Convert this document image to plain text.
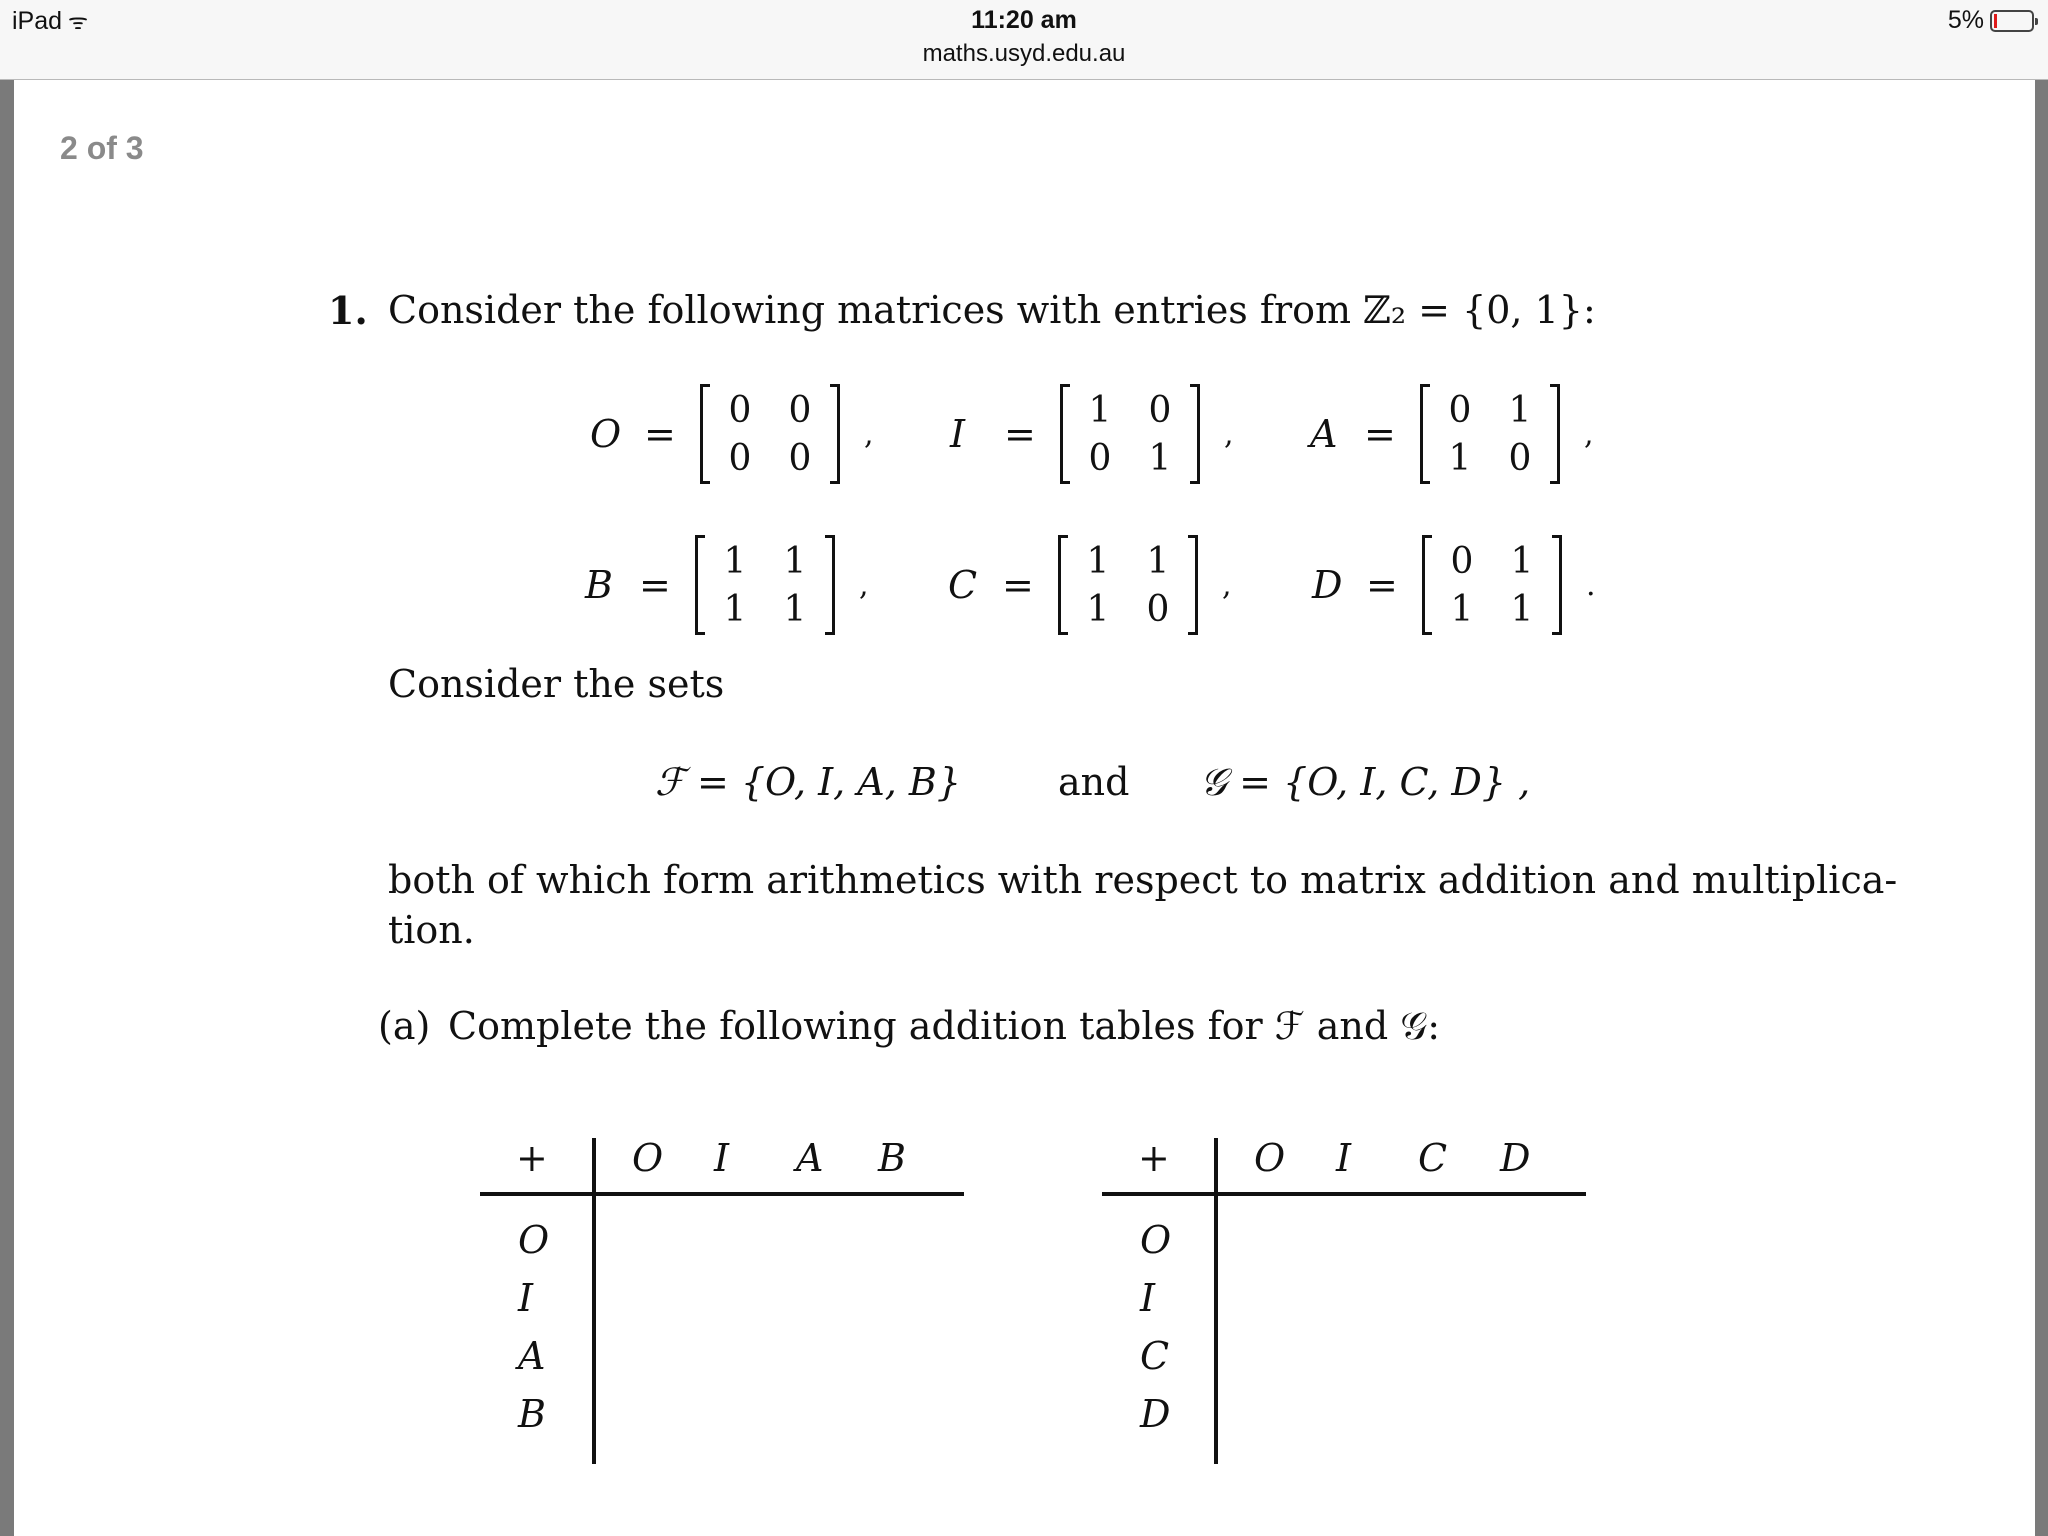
iPad ᯤ	11:20 am
maths.usyd.edu.au
5%
2 of 3
1. Consider the following matrices with entries from ℤ₂ = {0, 1}:
O =
0 0
0 0
, I	=
1 0
0 1
, A =
0 1
1 0
,
B =
1 1
1 1
, C =
1 1
1 0
, D =
0 1
1 1
.
Consider the sets
ℱ = {O, I, A, B}	and 𝒢 = {O, I, C, D} ,
both of which form arithmetics with respect to matrix addition and multiplica-
tion.
(a) Complete the following addition tables for ℱ and 𝒢:
+ O I A B
O
I
A
B
+ O I C D
O
I
C
D
